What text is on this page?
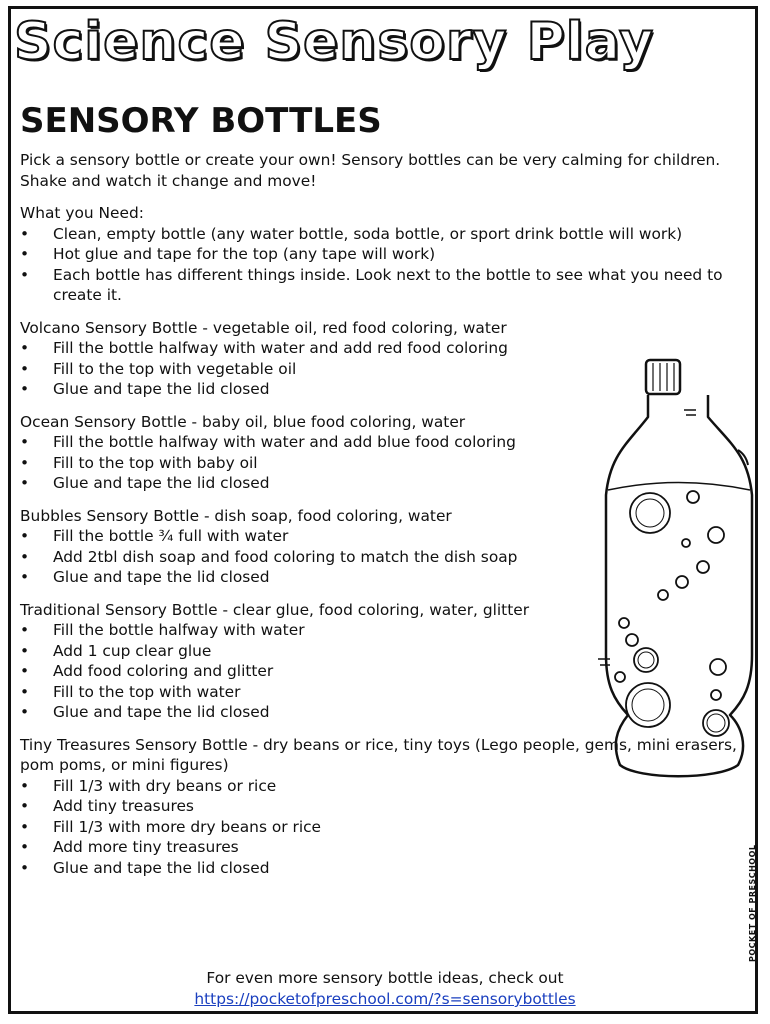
Science Sensory Play
SENSORY BOTTLES

Pick a sensory bottle or create your own! Sensory bottles can be very calming for children. Shake and watch it change and move!

What you Need:

• Clean, empty bottle (any water bottle, soda bottle, or sport drink bottle will work)
• Hot glue and tape for the top (any tape will work)
• Each bottle has different things inside. Look next to the bottle to see what you need to create it.

Volcano Sensory Bottle - vegetable oil, red food coloring, water

• Fill the bottle halfway with water and add red food coloring
• Fill to the top with vegetable oil
• Glue and tape the lid closed

Ocean Sensory Bottle - baby oil, blue food coloring, water

• Fill the bottle halfway with water and add blue food coloring
• Fill to the top with baby oil
• Glue and tape the lid closed

Bubbles Sensory Bottle - dish soap, food coloring, water

• Fill the bottle ¾ full with water
• Add 2tbl dish soap and food coloring to match the dish soap
• Glue and tape the lid closed

Traditional Sensory Bottle - clear glue, food coloring, water, glitter

• Fill the bottle halfway with water
• Add 1 cup clear glue
• Add food coloring and glitter
• Fill to the top with water
• Glue and tape the lid closed

Tiny Treasures Sensory Bottle - dry beans or rice, tiny toys (Lego people, gems, mini erasers, pom poms, or mini figures)

• Fill 1/3 with dry beans or rice
• Add tiny treasures
• Fill 1/3 with more dry beans or rice
• Add more tiny treasures
• Glue and tape the lid closed
For even more sensory bottle ideas, check out
https://pocketofpreschool.com/?s=sensorybottles
POCKET OF PRESCHOOL
